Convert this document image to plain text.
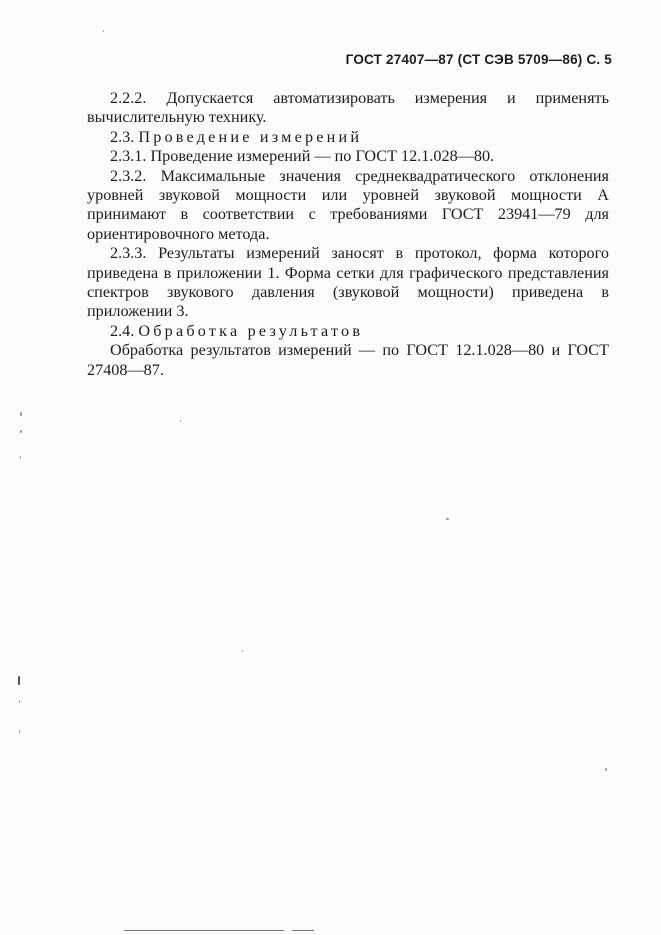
ГОСТ 27407—87 (СТ СЭВ 5709—86) С. 5

2.2.2. Допускается автоматизировать измерения и применять вычислительную технику.

2.3. Проведение измерений

2.3.1. Проведение измерений — по ГОСТ 12.1.028—80.

2.3.2. Максимальные значения среднеквадратического отклонения уровней звуковой мощности или уровней звуковой мощности A принимают в соответствии с требованиями ГОСТ 23941—79 для ориентировочного метода.

2.3.3. Результаты измерений заносят в протокол, форма которого приведена в приложении 1. Форма сетки для графического представления спектров звукового давления (звуковой мощности) приведена в приложении 3.

2.4. Обработка результатов

Обработка результатов измерений — по ГОСТ 12.1.028—80 и ГОСТ 27408—87.
